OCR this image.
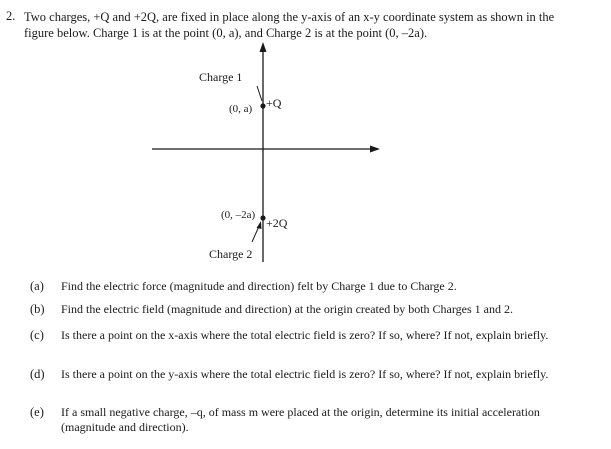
2. Two charges, +Q and +2Q, are fixed in place along the y-axis of an x-y coordinate system as shown in the figure below. Charge 1 is at the point (0, a), and Charge 2 is at the point (0, –2a).
Charge 1
(0, a) +Q
(0, –2a)
+2Q
Charge 2
(a) Find the electric force (magnitude and direction) felt by Charge 1 due to Charge 2.
(b) Find the electric field (magnitude and direction) at the origin created by both Charges 1 and 2.
(c) Is there a point on the x-axis where the total electric field is zero? If so, where? If not, explain briefly.
(d) Is there a point on the y-axis where the total electric field is zero? If so, where? If not, explain briefly.
(e) If a small negative charge, –q, of mass m were placed at the origin, determine its initial acceleration (magnitude and direction).
